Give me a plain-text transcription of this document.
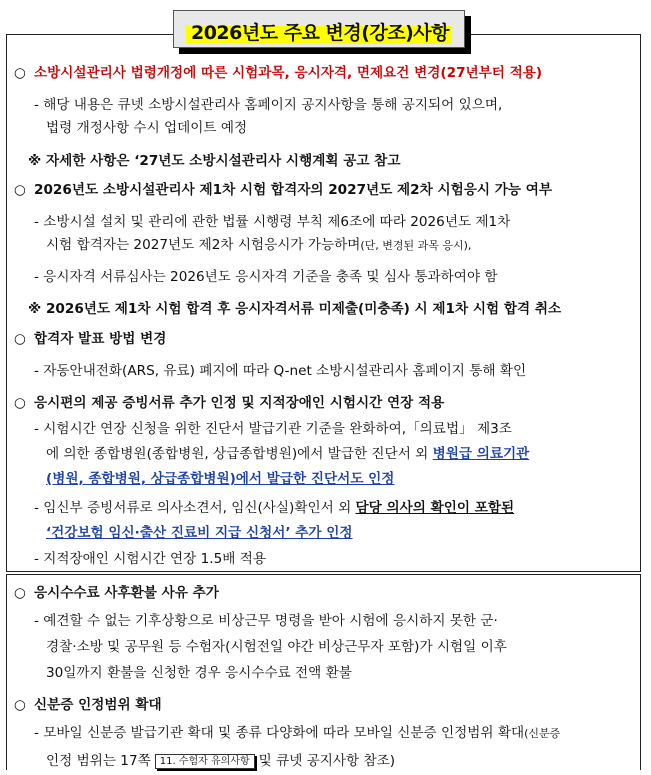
2026년도 주요 변경(강조)사항
○ 소방시설관리사 법령개정에 따른 시험과목, 응시자격, 면제요건 변경(27년부터 적용)
- 해당 내용은 큐넷 소방시설관리사 홈페이지 공지사항을 통해 공지되어 있으며,
법령 개정사항 수시 업데이트 예정
※ 자세한 사항은 ‘27년도 소방시설관리사 시행계획 공고 참고
○ 2026년도 소방시설관리사 제1차 시험 합격자의 2027년도 제2차 시험응시 가능 여부
- 소방시설 설치 및 관리에 관한 법률 시행령 부칙 제6조에 따라 2026년도 제1차
시험 합격자는 2027년도 제2차 시험응시가 가능하며(단, 변경된 과목 응시),
- 응시자격 서류심사는 2026년도 응시자격 기준을 충족 및 심사 통과하여야 함
※ 2026년도 제1차 시험 합격 후 응시자격서류 미제출(미충족) 시 제1차 시험 합격 취소
○ 합격자 발표 방법 변경
- 자동안내전화(ARS, 유료) 폐지에 따라 Q-net 소방시설관리사 홈페이지 통해 확인
○ 응시편의 제공 증빙서류 추가 인정 및 지적장애인 시험시간 연장 적용
- 시험시간 연장 신청을 위한 진단서 발급기관 기준을 완화하여,「의료법」 제3조
에 의한 종합병원(종합병원, 상급종합병원)에서 발급한 진단서 외 병원급 의료기관
(병원, 종합병원, 상급종합병원)에서 발급한 진단서도 인정
- 임신부 증빙서류로 의사소견서, 임신(사실)확인서 외 담당 의사의 확인이 포함된
‘건강보험 임신·출산 진료비 지급 신청서’ 추가 인정
- 지적장애인 시험시간 연장 1.5배 적용
○ 응시수수료 사후환불 사유 추가
- 예견할 수 없는 기후상황으로 비상근무 명령을 받아 시험에 응시하지 못한 군·
경찰·소방 및 공무원 등 수험자(시험전일 야간 비상근무자 포함)가 시험일 이후
30일까지 환불을 신청한 경우 응시수수료 전액 환불
○ 신분증 인정범위 확대
- 모바일 신분증 발급기관 확대 및 종류 다양화에 따라 모바일 신분증 인정범위 확대(신분증
인정 범위는 17쪽 11. 수험자 유의사항 및 큐넷 공지사항 참조)
